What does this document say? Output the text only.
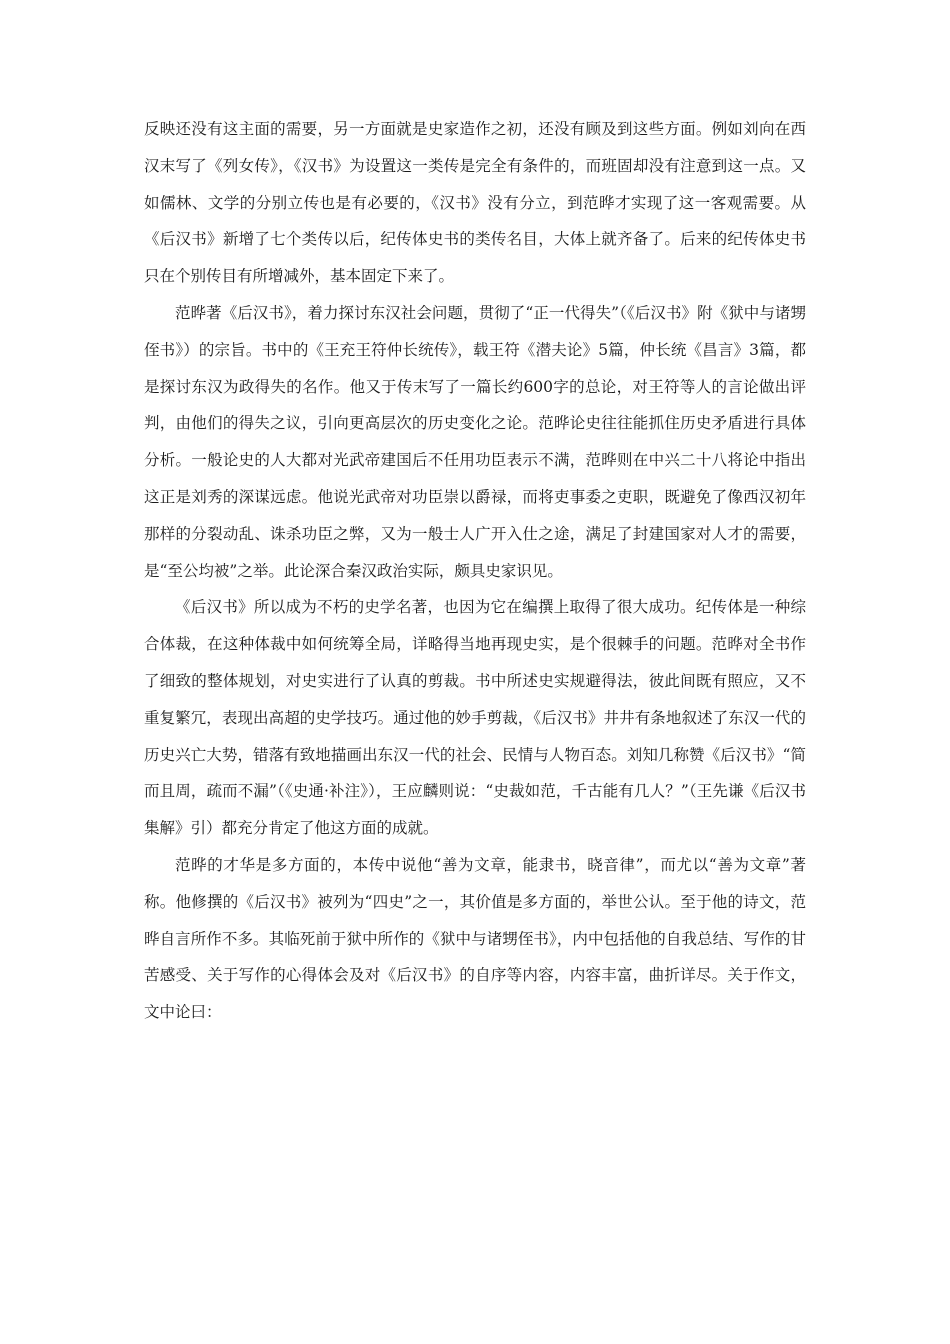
反映还没有这主面的需要，另一方面就是史家造作之初，还没有顾及到这些方面。例如刘向在西汉末写了《列女传》，《汉书》为设置这一类传是完全有条件的，而班固却没有注意到这一点。又如儒林、文学的分别立传也是有必要的，《汉书》没有分立，到范晔才实现了这一客观需要。从《后汉书》新增了七个类传以后，纪传体史书的类传名目，大体上就齐备了。后来的纪传体史书只在个别传目有所增减外，基本固定下来了。

范晔著《后汉书》，着力探讨东汉社会问题，贯彻了“正一代得失”（《后汉书》附《狱中与诸甥侄书》）的宗旨。书中的《王充王符仲长统传》，载王符《潜夫论》5篇，仲长统《昌言》3篇，都是探讨东汉为政得失的名作。他又于传末写了一篇长约600字的总论，对王符等人的言论做出评判，由他们的得失之议，引向更高层次的历史变化之论。范晔论史往往能抓住历史矛盾进行具体分析。一般论史的人大都对光武帝建国后不任用功臣表示不满，范晔则在中兴二十八将论中指出这正是刘秀的深谋远虑。他说光武帝对功臣崇以爵禄，而将吏事委之吏职，既避免了像西汉初年那样的分裂动乱、诛杀功臣之弊，又为一般士人广开入仕之途，满足了封建国家对人才的需要，是“至公均被”之举。此论深合秦汉政治实际，颇具史家识见。

《后汉书》所以成为不朽的史学名著，也因为它在编撰上取得了很大成功。纪传体是一种综合体裁，在这种体裁中如何统筹全局，详略得当地再现史实，是个很棘手的问题。范晔对全书作了细致的整体规划，对史实进行了认真的剪裁。书中所述史实规避得法，彼此间既有照应，又不重复繁冗，表现出高超的史学技巧。通过他的妙手剪裁，《后汉书》井井有条地叙述了东汉一代的历史兴亡大势，错落有致地描画出东汉一代的社会、民情与人物百态。刘知几称赞《后汉书》“简而且周，疏而不漏”（《史通·补注》），王应麟则说：“史裁如范，千古能有几人？”（王先谦《后汉书集解》引）都充分肯定了他这方面的成就。

范晔的才华是多方面的，本传中说他“善为文章，能隶书，晓音律”，而尤以“善为文章”著称。他修撰的《后汉书》被列为“四史”之一，其价值是多方面的，举世公认。至于他的诗文，范晔自言所作不多。其临死前于狱中所作的《狱中与诸甥侄书》，内中包括他的自我总结、写作的甘苦感受、关于写作的心得体会及对《后汉书》的自序等内容，内容丰富，曲折详尽。关于作文，文中论曰：
